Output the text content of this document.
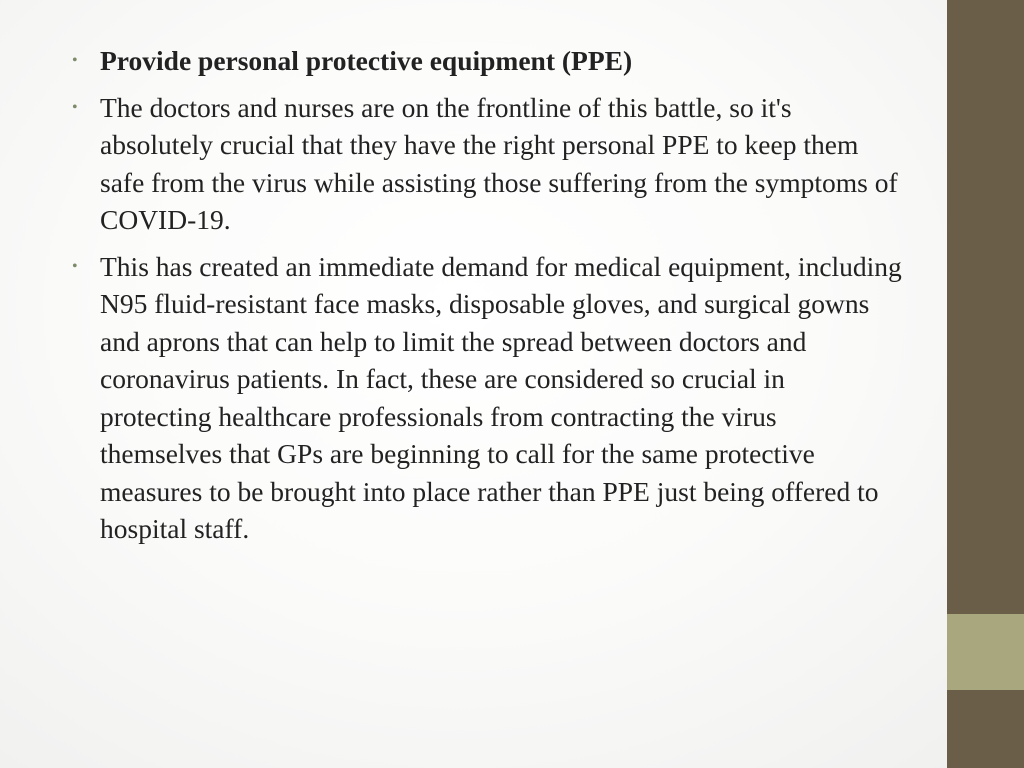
• Provide personal protective equipment (PPE)
• The doctors and nurses are on the frontline of this battle, so it's absolutely crucial that they have the right personal PPE to keep them safe from the virus while assisting those suffering from the symptoms of COVID-19.
• This has created an immediate demand for medical equipment, including N95 fluid-resistant face masks, disposable gloves, and surgical gowns and aprons that can help to limit the spread between doctors and coronavirus patients. In fact, these are considered so crucial in protecting healthcare professionals from contracting the virus themselves that GPs are beginning to call for the same protective measures to be brought into place rather than PPE just being offered to hospital staff.
